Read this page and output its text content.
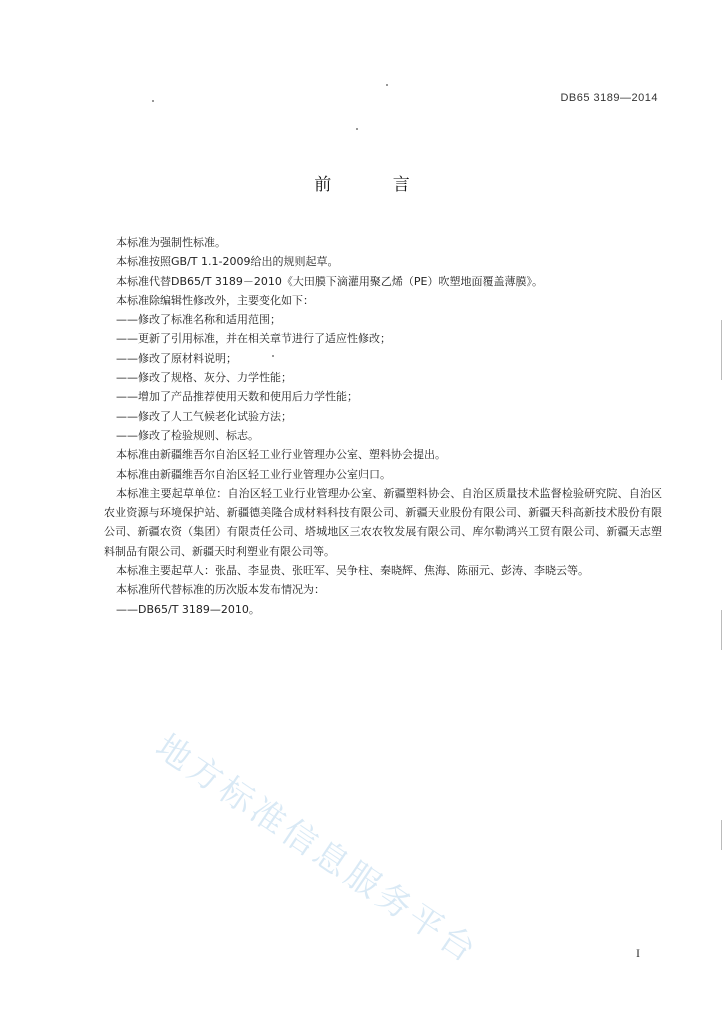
DB65 3189—2014
前 言

本标准为强制性标准。

本标准按照GB/T 1.1-2009给出的规则起草。

本标准代替DB65/T 3189－2010《大田膜下滴灌用聚乙烯（PE）吹塑地面覆盖薄膜》。

本标准除编辑性修改外，主要变化如下：

——修改了标准名称和适用范围；

——更新了引用标准，并在相关章节进行了适应性修改；

——修改了原材料说明；

——修改了规格、灰分、力学性能；

——增加了产品推荐使用天数和使用后力学性能；

——修改了人工气候老化试验方法；

——修改了检验规则、标志。

本标准由新疆维吾尔自治区轻工业行业管理办公室、塑料协会提出。

本标准由新疆维吾尔自治区轻工业行业管理办公室归口。

本标准主要起草单位：自治区轻工业行业管理办公室、新疆塑料协会、自治区质量技术监督检验研究院、自治区农业资源与环境保护站、新疆德美隆合成材料科技有限公司、新疆天业股份有限公司、新疆天科高新技术股份有限公司、新疆农资（集团）有限责任公司、塔城地区三农农牧发展有限公司、库尔勒鸿兴工贸有限公司、新疆天志塑料制品有限公司、新疆天时利塑业有限公司等。

本标准主要起草人：张晶、李显贵、张旺军、吴争柱、秦晓辉、焦海、陈丽元、彭涛、李晓云等。

本标准所代替标准的历次版本发布情况为：

——DB65/T 3189—2010。

地方标准信息服务平台	I
